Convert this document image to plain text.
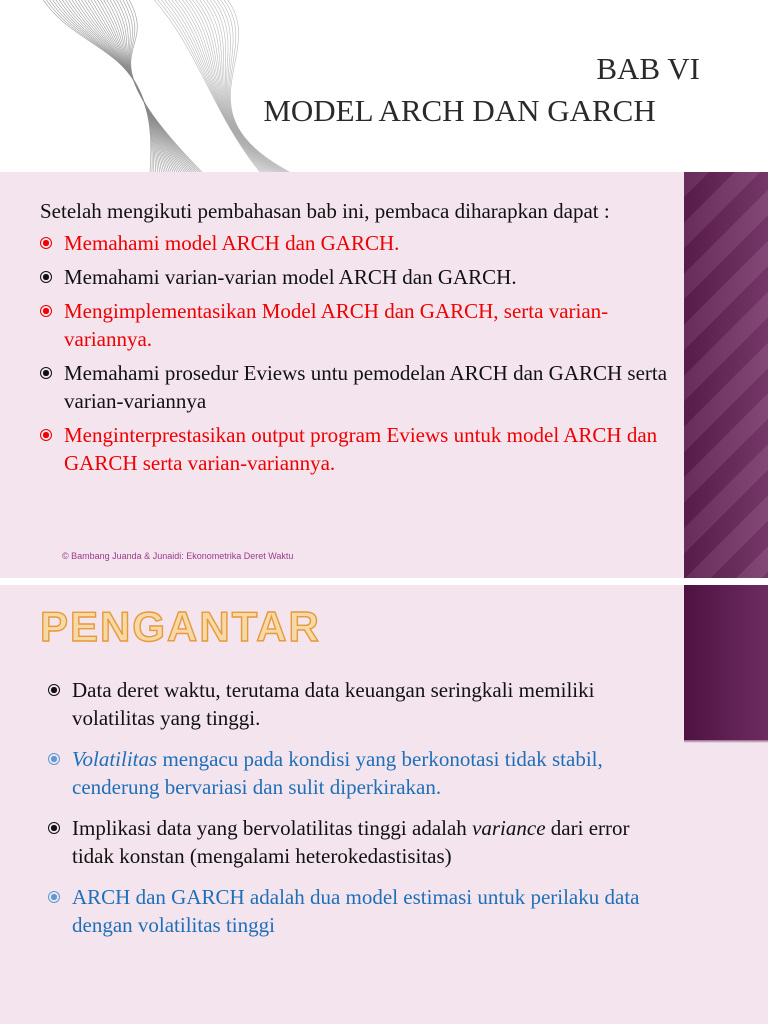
BAB VI
MODEL ARCH DAN GARCH

Setelah mengikuti pembahasan bab ini, pembaca diharapkan dapat :

Memahami model ARCH dan GARCH.
Memahami varian-varian model ARCH dan GARCH.
Mengimplementasikan Model ARCH dan GARCH, serta varian-variannya.
Memahami prosedur Eviews untu pemodelan ARCH dan GARCH serta varian-variannya
Menginterprestasikan output program Eviews untuk model ARCH dan GARCH serta varian-variannya.
© Bambang Juanda & Junaidi: Ekonometrika Deret Waktu
PENGANTAR
Data deret waktu, terutama data keuangan seringkali memiliki volatilitas yang tinggi.
Volatilitas mengacu pada kondisi yang berkonotasi tidak stabil, cenderung bervariasi dan sulit diperkirakan.
Implikasi data yang bervolatilitas tinggi adalah variance dari error tidak konstan (mengalami heterokedastisitas)
ARCH dan GARCH adalah dua model estimasi untuk perilaku data dengan volatilitas tinggi
